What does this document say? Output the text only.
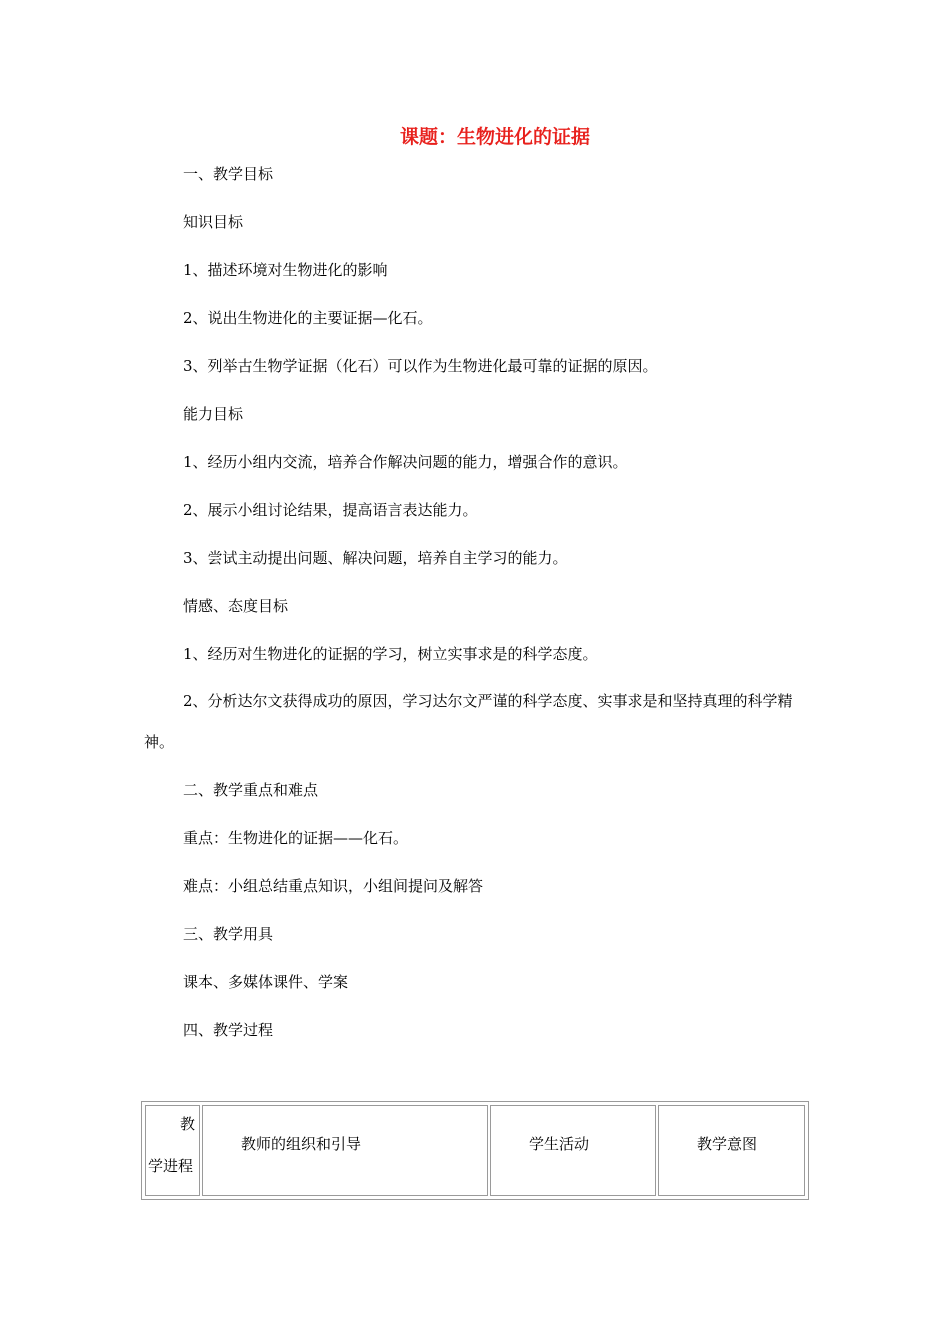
课题：生物进化的证据
一、教学目标
知识目标
1、描述环境对生物进化的影响
2、说出生物进化的主要证据—化石。
3、列举古生物学证据（化石）可以作为生物进化最可靠的证据的原因。
能力目标
1、经历小组内交流，培养合作解决问题的能力，增强合作的意识。
2、展示小组讨论结果，提高语言表达能力。
3、尝试主动提出问题、解决问题，培养自主学习的能力。
情感、态度目标
1、经历对生物进化的证据的学习，树立实事求是的科学态度。
2、分析达尔文获得成功的原因，学习达尔文严谨的科学态度、实事求是和坚持真理的科学精神。
二、教学重点和难点
重点：生物进化的证据——化石。
难点：小组总结重点知识，小组间提问及解答
三、教学用具
课本、多媒体课件、学案
四、教学过程
教
学进程
教师的组织和引导	学生活动	教学意图
